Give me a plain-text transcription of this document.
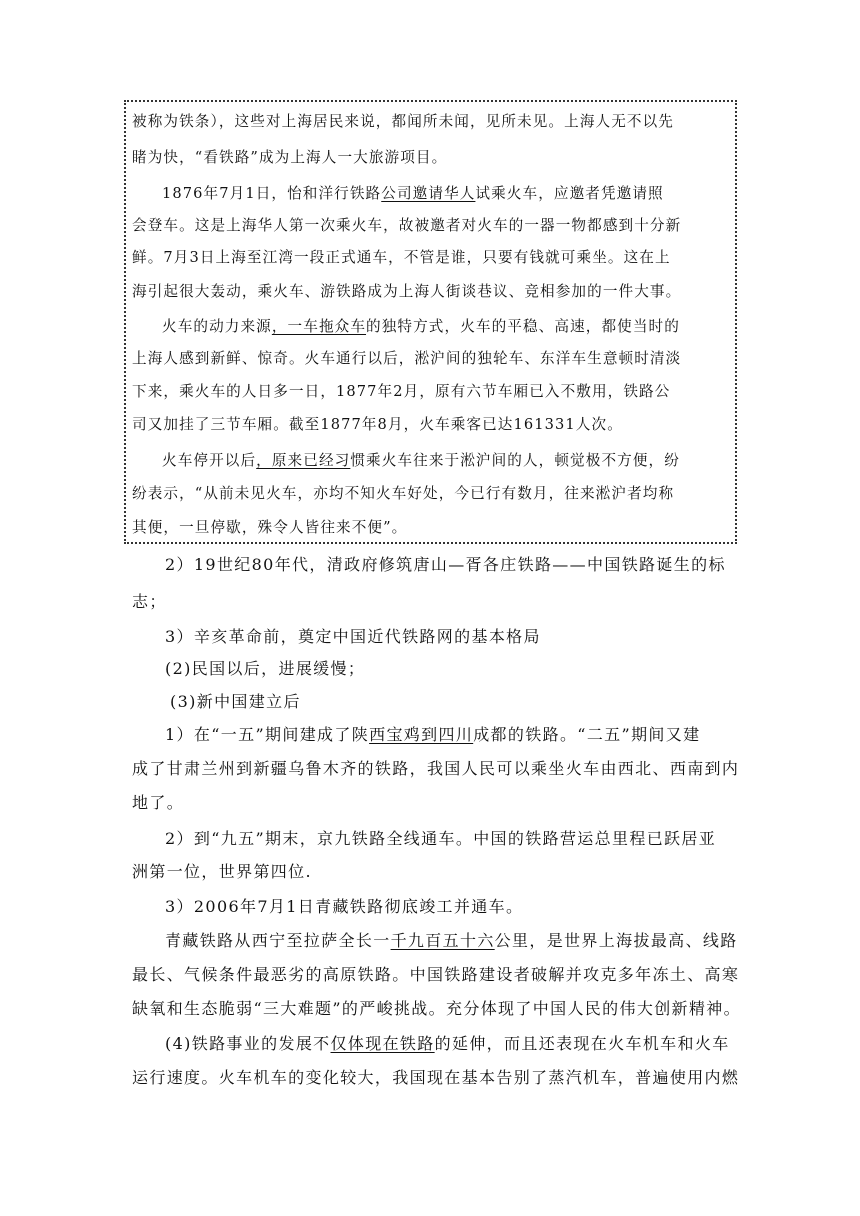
被称为铁条），这些对上海居民来说，都闻所未闻，见所未见。上海人无不以先

睹为快，“看铁路”成为上海人一大旅游项目。

1876年7月1日，怡和洋行铁路公司邀请华人试乘火车，应邀者凭邀请照

会登车。这是上海华人第一次乘火车，故被邀者对火车的一器一物都感到十分新

鲜。7月3日上海至江湾一段正式通车，不管是谁，只要有钱就可乘坐。这在上

海引起很大轰动，乘火车、游铁路成为上海人街谈巷议、竞相参加的一件大事。

火车的动力来源，一车拖众车的独特方式，火车的平稳、高速，都使当时的

上海人感到新鲜、惊奇。火车通行以后，淞沪间的独轮车、东洋车生意顿时清淡

下来，乘火车的人日多一日，1877年2月，原有六节车厢已入不敷用，铁路公

司又加挂了三节车厢。截至1877年8月，火车乘客已达161331人次。

火车停开以后，原来已经习惯乘火车往来于淞沪间的人，顿觉极不方便，纷

纷表示，“从前未见火车，亦均不知火车好处，今已行有数月，往来淞沪者均称

其便，一旦停歇，殊令人皆往来不便”。

2）19世纪80年代，清政府修筑唐山—胥各庄铁路——中国铁路诞生的标

志；

3）辛亥革命前，奠定中国近代铁路网的基本格局

(2)民国以后，进展缓慢；

(3)新中国建立后

1）在“一五”期间建成了陕西宝鸡到四川成都的铁路。“二五”期间又建

成了甘肃兰州到新疆乌鲁木齐的铁路，我国人民可以乘坐火车由西北、西南到内

地了。

2）到“九五”期末，京九铁路全线通车。中国的铁路营运总里程已跃居亚

洲第一位，世界第四位.

3）2006年7月1日青藏铁路彻底竣工并通车。

青藏铁路从西宁至拉萨全长一千九百五十六公里，是世界上海拔最高、线路

最长、气候条件最恶劣的高原铁路。中国铁路建设者破解并攻克多年冻土、高寒

缺氧和生态脆弱“三大难题”的严峻挑战。充分体现了中国人民的伟大创新精神。

(4)铁路事业的发展不仅体现在铁路的延伸，而且还表现在火车机车和火车

运行速度。火车机车的变化较大，我国现在基本告别了蒸汽机车，普遍使用内燃
